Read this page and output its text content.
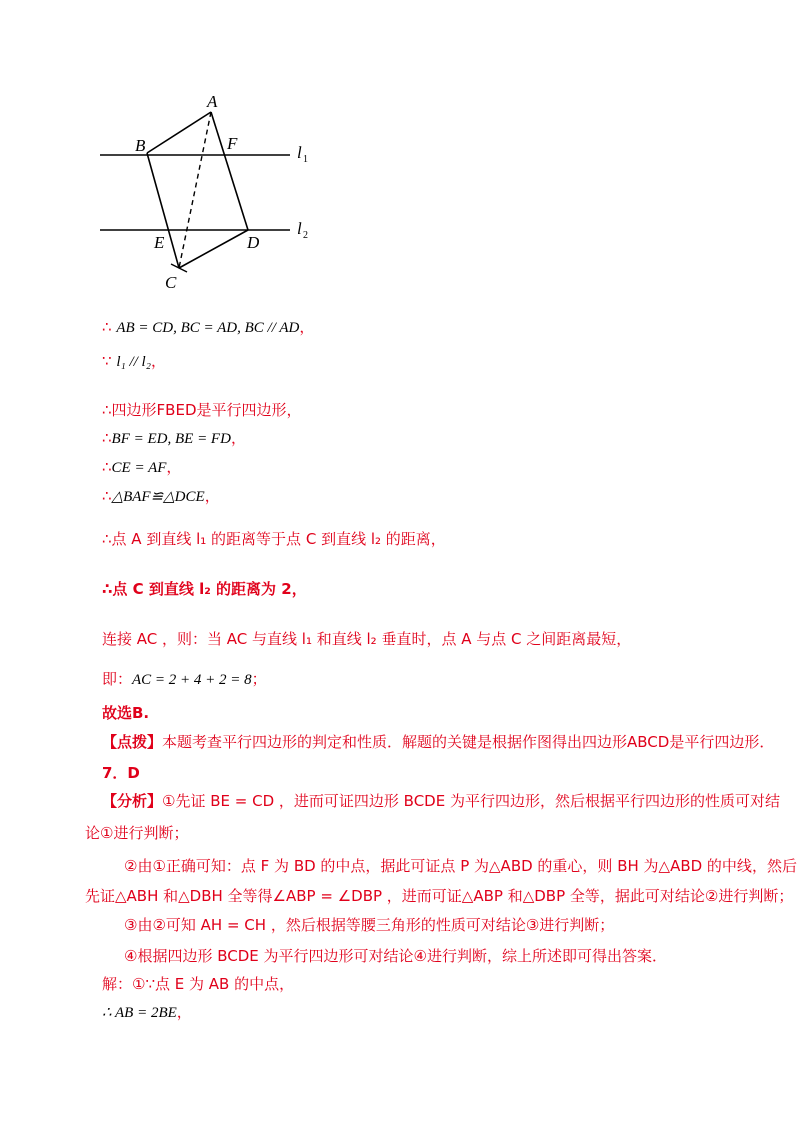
A
B	F
E	D
C
l 1
l 2
∴ AB = CD, BC = AD, BC // AD，
∵ l₁ // l₂，
∴四边形FBED是平行四边形，
∴BF = ED, BE = FD，
∴CE = AF，
∴△BAF≌△DCE，
∴点 A 到直线 l₁ 的距离等于点 C 到直线 l₂ 的距离，
∴点 C 到直线 l₂ 的距离为 2，
连接 AC ，则：当 AC 与直线 l₁ 和直线 l₂ 垂直时，点 A 与点 C 之间距离最短，
即：AC = 2 + 4 + 2 = 8；
故选B.
【点拨】本题考查平行四边形的判定和性质．解题的关键是根据作图得出四边形ABCD是平行四边形．
7．D
【分析】①先证 BE = CD ，进而可证四边形 BCDE 为平行四边形，然后根据平行四边形的性质可对结
论①进行判断；
②由①正确可知：点 F 为 BD 的中点，据此可证点 P 为△ABD 的重心，则 BH 为△ABD 的中线，然后
先证△ABH 和△DBH 全等得∠ABP = ∠DBP ，进而可证△ABP 和△DBP 全等，据此可对结论②进行判断；
③由②可知 AH = CH ，然后根据等腰三角形的性质可对结论③进行判断；
④根据四边形 BCDE 为平行四边形可对结论④进行判断，综上所述即可得出答案．
解：①∵点 E 为 AB 的中点，
∴ AB = 2BE，
